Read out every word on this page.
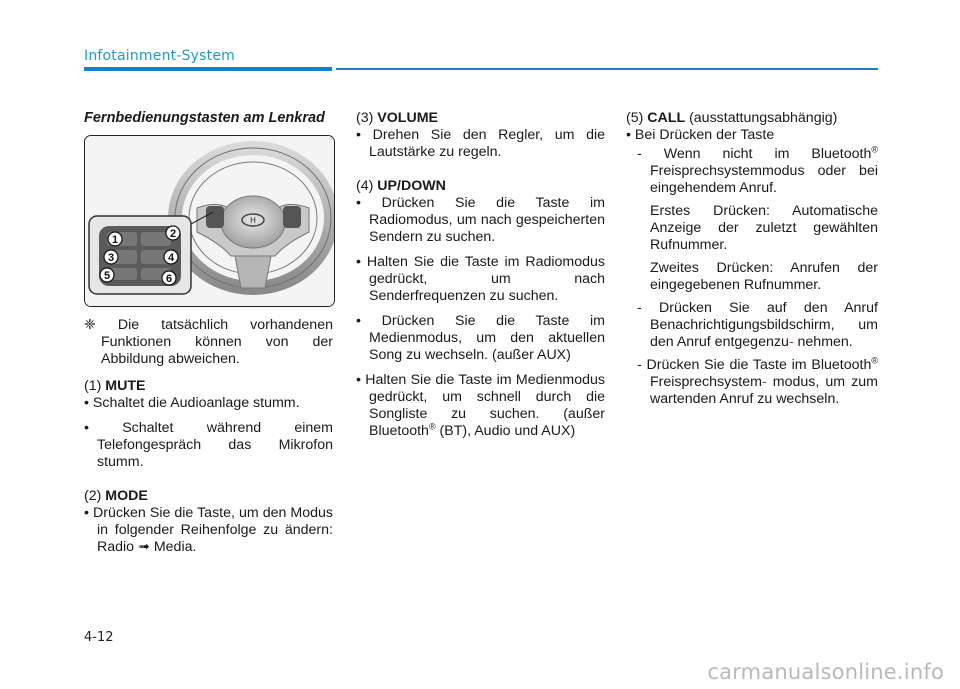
Infotainment-System

Fernbedienungstasten am Lenkrad

H
1	2
3	4
5	6

❈ Die tatsächlich vorhandenen Funktionen können von der Abbildung abweichen.

(1) MUTE

• Schaltet die Audioanlage stumm.

• Schaltet während einem Telefongespräch das Mikrofon stumm.

(2) MODE

• Drücken Sie die Taste, um den Modus in folgender Reihenfolge zu ändern: Radio ➟ Media.

(3) VOLUME

• Drehen Sie den Regler, um die Lautstärke zu regeln.

(4) UP/DOWN

• Drücken Sie die Taste im Radiomodus, um nach gespeicherten Sendern zu suchen.

• Halten Sie die Taste im Radiomodus gedrückt, um nach Senderfrequenzen zu suchen.

• Drücken Sie die Taste im Medienmodus, um den aktuellen Song zu wechseln. (außer AUX)

• Halten Sie die Taste im Medienmodus gedrückt, um schnell durch die Songliste zu suchen. (außer Bluetooth® (BT), Audio und AUX)

(5) CALL (ausstattungsabhängig)

• Bei Drücken der Taste

- Wenn nicht im Bluetooth® Freisprechsystemmodus oder bei eingehendem Anruf.

Erstes Drücken: Automatische Anzeige der zuletzt gewählten Rufnummer.

Zweites Drücken: Anrufen der eingegebenen Rufnummer.

- Drücken Sie auf den Anruf Benachrichtigungsbildschirm, um den Anruf entgegenzu- nehmen.

- Drücken Sie die Taste im Bluetooth® Freisprechsystem- modus, um zum wartenden Anruf zu wechseln.

4-12
carmanualsonline.info
